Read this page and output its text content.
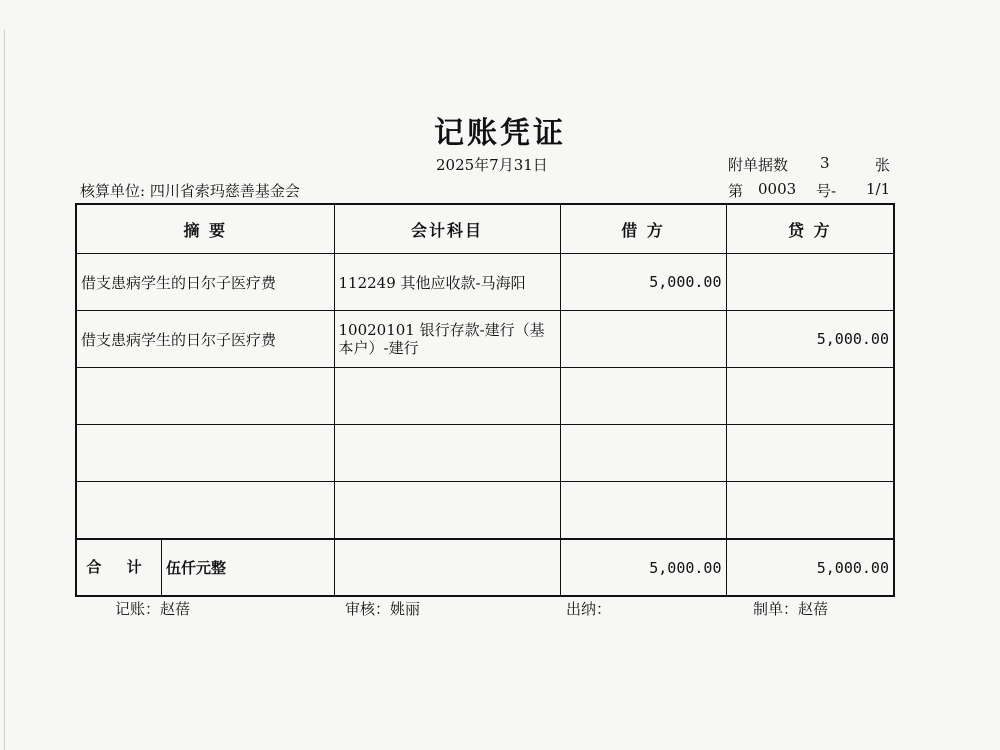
记账凭证
2025年7月31日	附单据数 3	张
核算单位: 四川省索玛慈善基金会	第 0003 号- 1/1
摘 要	会计科目	借 方	贷 方
借支患病学生的日尔子医疗费	112249 其他应收款-马海阳	5,000.00	
借支患病学生的日尔子医疗费	10020101 银行存款-建行（基本户）-建行		5,000.00

合 计 伍仟元整		5,000.00	5,000.00
记账：赵蓓	审核：姚丽	出纳：	制单：赵蓓
